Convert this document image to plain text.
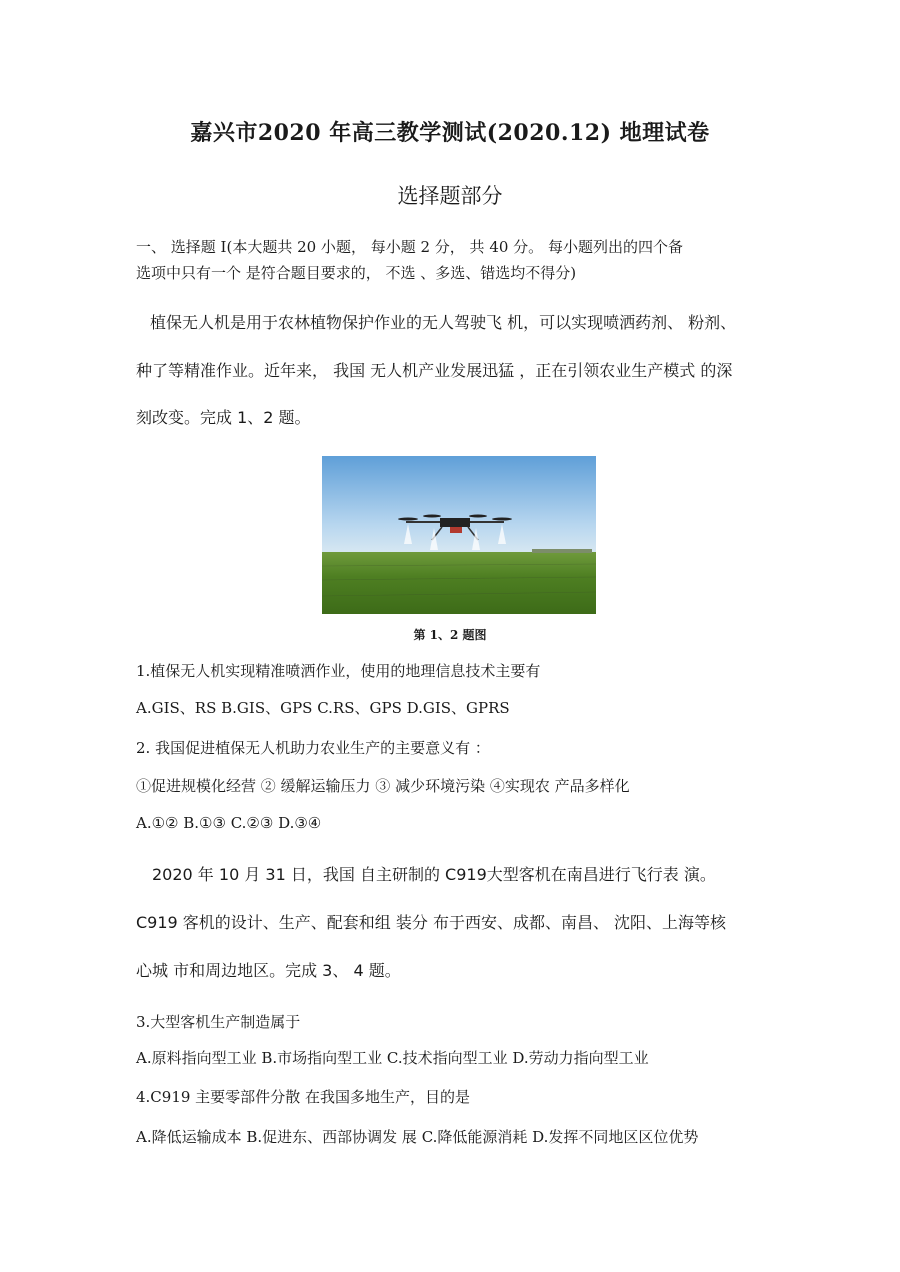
嘉兴市2020 年高三教学测试(2020.12) 地理试卷
选择题部分
一、 选择题 I(本大题共 20 小题， 每小题 2 分， 共 40 分。 每小题列出的四个备
选项中只有一个 是符合题目要求的， 不选 、多选、错选均不得分)
植保无人机是用于农林植物保护作业的无人驾驶飞 机，可以实现喷洒药剂、 粉剂、
种了等精准作业。近年来， 我国 无人机产业发展迅猛 ，正在引领农业生产模式 的深
刻改变。完成 1、2 题。
第 1、2 题图
1.植保无人机实现精准喷洒作业，使用的地理信息技术主要有
A.GIS、RS B.GIS、GPS C.RS、GPS D.GIS、GPRS
2. 我国促进植保无人机助力农业生产的主要意义有 ：
①促进规模化经营 ② 缓解运输压力 ③ 减少环境污染 ④实现农 产品多样化
A.①② B.①③ C.②③ D.③④
2020 年 10 月 31 日，我国 自主研制的 C919大型客机在南昌进行飞行表 演。
C919 客机的设计、生产、配套和组 装分 布于西安、成都、南昌、 沈阳、上海等核
心城 市和周边地区。完成 3、 4 题。
3.大型客机生产制造属于
A.原料指向型工业 B.市场指向型工业 C.技术指向型工业 D.劳动力指向型工业
4.C919 主要零部件分散 在我国多地生产，目的是
A.降低运输成本 B.促进东、西部协调发 展 C.降低能源消耗 D.发挥不同地区区位优势
